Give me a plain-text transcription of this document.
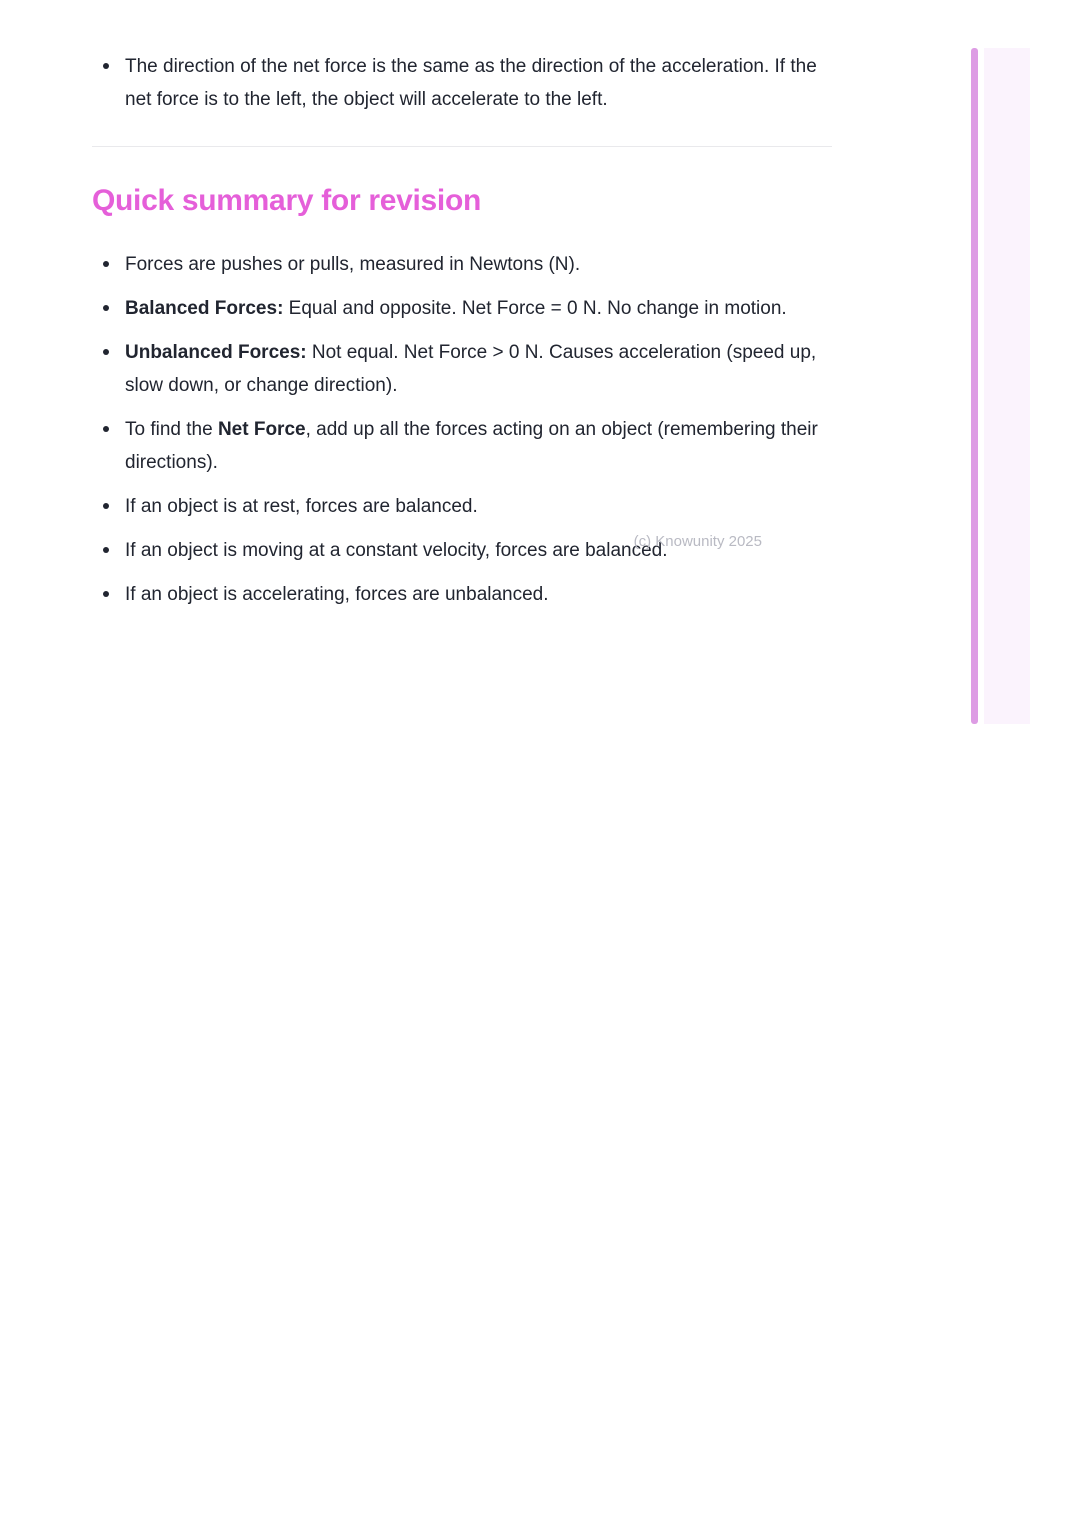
The direction of the net force is the same as the direction of the acceleration. If the net force is to the left, the object will accelerate to the left.
Quick summary for revision
Forces are pushes or pulls, measured in Newtons (N).
Balanced Forces: Equal and opposite. Net Force = 0 N. No change in motion.
Unbalanced Forces: Not equal. Net Force > 0 N. Causes acceleration (speed up, slow down, or change direction).
To find the Net Force, add up all the forces acting on an object (remembering their directions).
If an object is at rest, forces are balanced.
If an object is moving at a constant velocity, forces are balanced.
If an object is accelerating, forces are unbalanced.
(c) Knowunity 2025
